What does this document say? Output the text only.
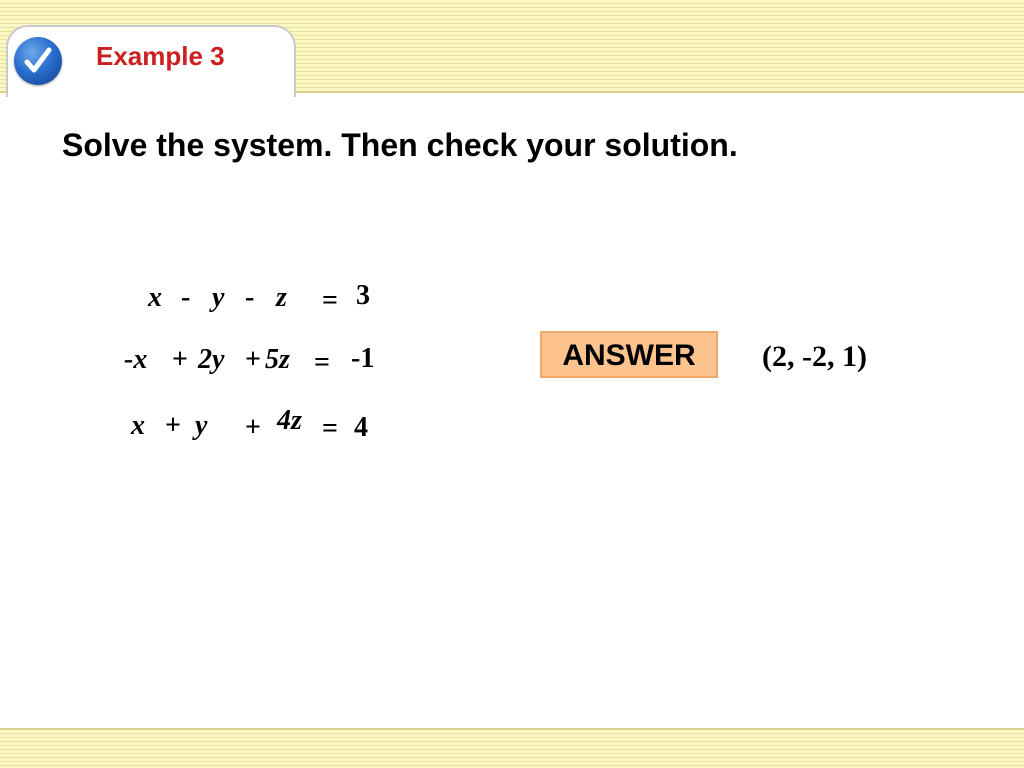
Example 3
Solve the system. Then check your solution.
x - y - z = 3
-x + 2y + 5z = -1
x + y + 4z = 4
ANSWER	(2, -2, 1)
